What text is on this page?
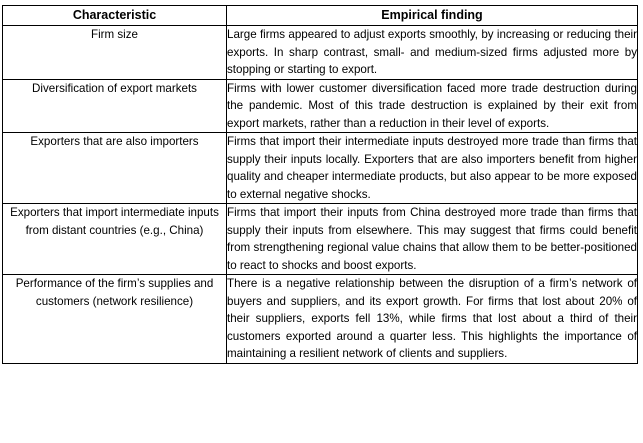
Characteristic	Empirical finding
Firm size	Large firms appeared to adjust exports smoothly, by increasing or reducing their exports. In sharp contrast, small- and medium-sized firms adjusted more by stopping or starting to export.
Diversification of export markets	Firms with lower customer diversification faced more trade destruction during the pandemic. Most of this trade destruction is explained by their exit from export markets, rather than a reduction in their level of exports.
Exporters that are also importers	Firms that import their intermediate inputs destroyed more trade than firms that supply their inputs locally. Exporters that are also importers benefit from higher quality and cheaper intermediate products, but also appear to be more exposed to external negative shocks.
Exporters that import intermediate inputs from distant countries (e.g., China)	Firms that import their inputs from China destroyed more trade than firms that supply their inputs from elsewhere. This may suggest that firms could benefit from strengthening regional value chains that allow them to be better-positioned to react to shocks and boost exports.
Performance of the firm’s supplies and customers (network resilience)	There is a negative relationship between the disruption of a firm’s network of buyers and suppliers, and its export growth. For firms that lost about 20% of their suppliers, exports fell 13%, while firms that lost about a third of their customers exported around a quarter less. This highlights the importance of maintaining a resilient network of clients and suppliers.
